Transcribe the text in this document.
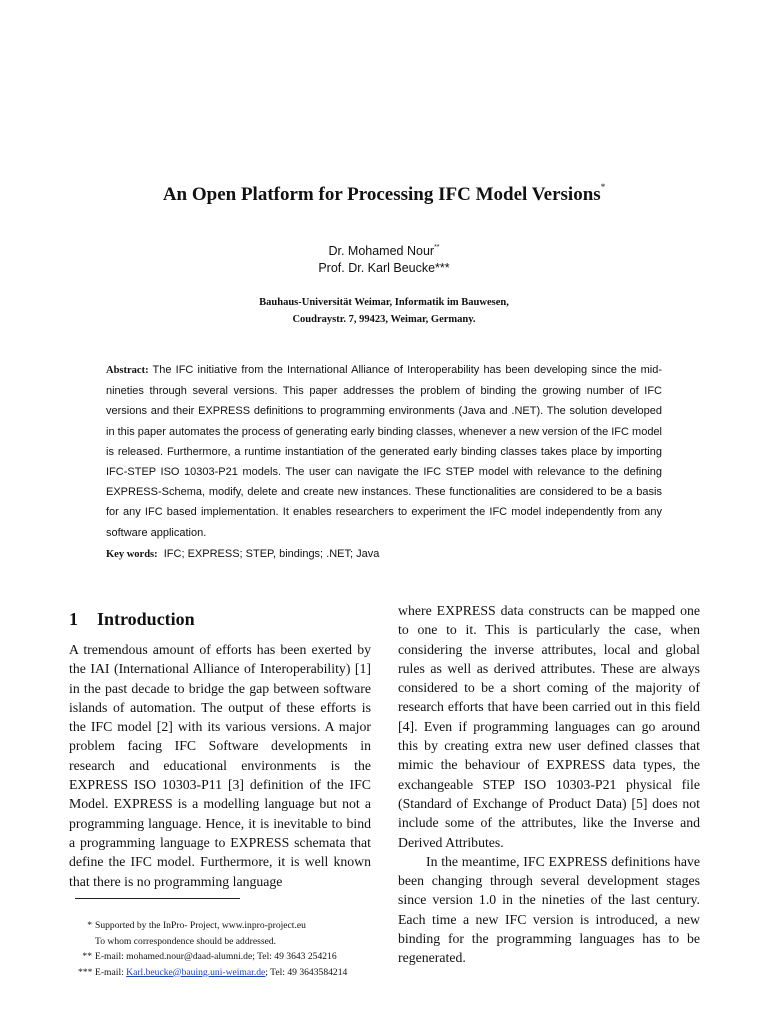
An Open Platform for Processing IFC Model Versions*
Dr. Mohamed Nour**
Prof. Dr. Karl Beucke***
Bauhaus-Universität Weimar, Informatik im Bauwesen,
Coudraystr. 7, 99423, Weimar, Germany.
Abstract: The IFC initiative from the International Alliance of Interoperability has been developing since the mid-nineties through several versions. This paper addresses the problem of binding the growing number of IFC versions and their EXPRESS definitions to programming environments (Java and .NET). The solution developed in this paper automates the process of generating early binding classes, whenever a new version of the IFC model is released. Furthermore, a runtime instantiation of the generated early binding classes takes place by importing IFC-STEP ISO 10303-P21 models. The user can navigate the IFC STEP model with relevance to the defining EXPRESS-Schema, modify, delete and create new instances. These functionalities are considered to be a basis for any IFC based implementation. It enables researchers to experiment the IFC model independently from any software application.
Key words: IFC; EXPRESS; STEP, bindings; .NET; Java
1 Introduction

A tremendous amount of efforts has been exerted by the IAI (International Alliance of Interoperability) [1] in the past decade to bridge the gap between software islands of automation. The output of these efforts is the IFC model [2] with its various versions. A major problem facing IFC Software developments in research and educational environments is the EXPRESS ISO 10303-P11 [3] definition of the IFC Model. EXPRESS is a modelling language but not a programming language. Hence, it is inevitable to bind a programming language to EXPRESS schemata that define the IFC model. Furthermore, it is well known that there is no programming language

where EXPRESS data constructs can be mapped one to one to it. This is particularly the case, when considering the inverse attributes, local and global rules as well as derived attributes. These are always considered to be a short coming of the majority of research efforts that have been carried out in this field [4]. Even if programming languages can go around this by creating extra new user defined classes that mimic the behaviour of EXPRESS data types, the exchangeable STEP ISO 10303-P21 physical file (Standard of Exchange of Product Data) [5] does not include some of the attributes, like the Inverse and Derived Attributes.

In the meantime, IFC EXPRESS definitions have been changing through several development stages since version 1.0 in the nineties of the last century. Each time a new IFC version is introduced, a new binding for the programming languages has to be regenerated.

* Supported by the InPro- Project, www.inpro-project.eu
To whom correspondence should be addressed.
** E-mail: mohamed.nour@daad-alumni.de; Tel: 49 3643 254216
*** E-mail: Karl.beucke@bauing.uni-weimar.de; Tel: 49 3643584214
